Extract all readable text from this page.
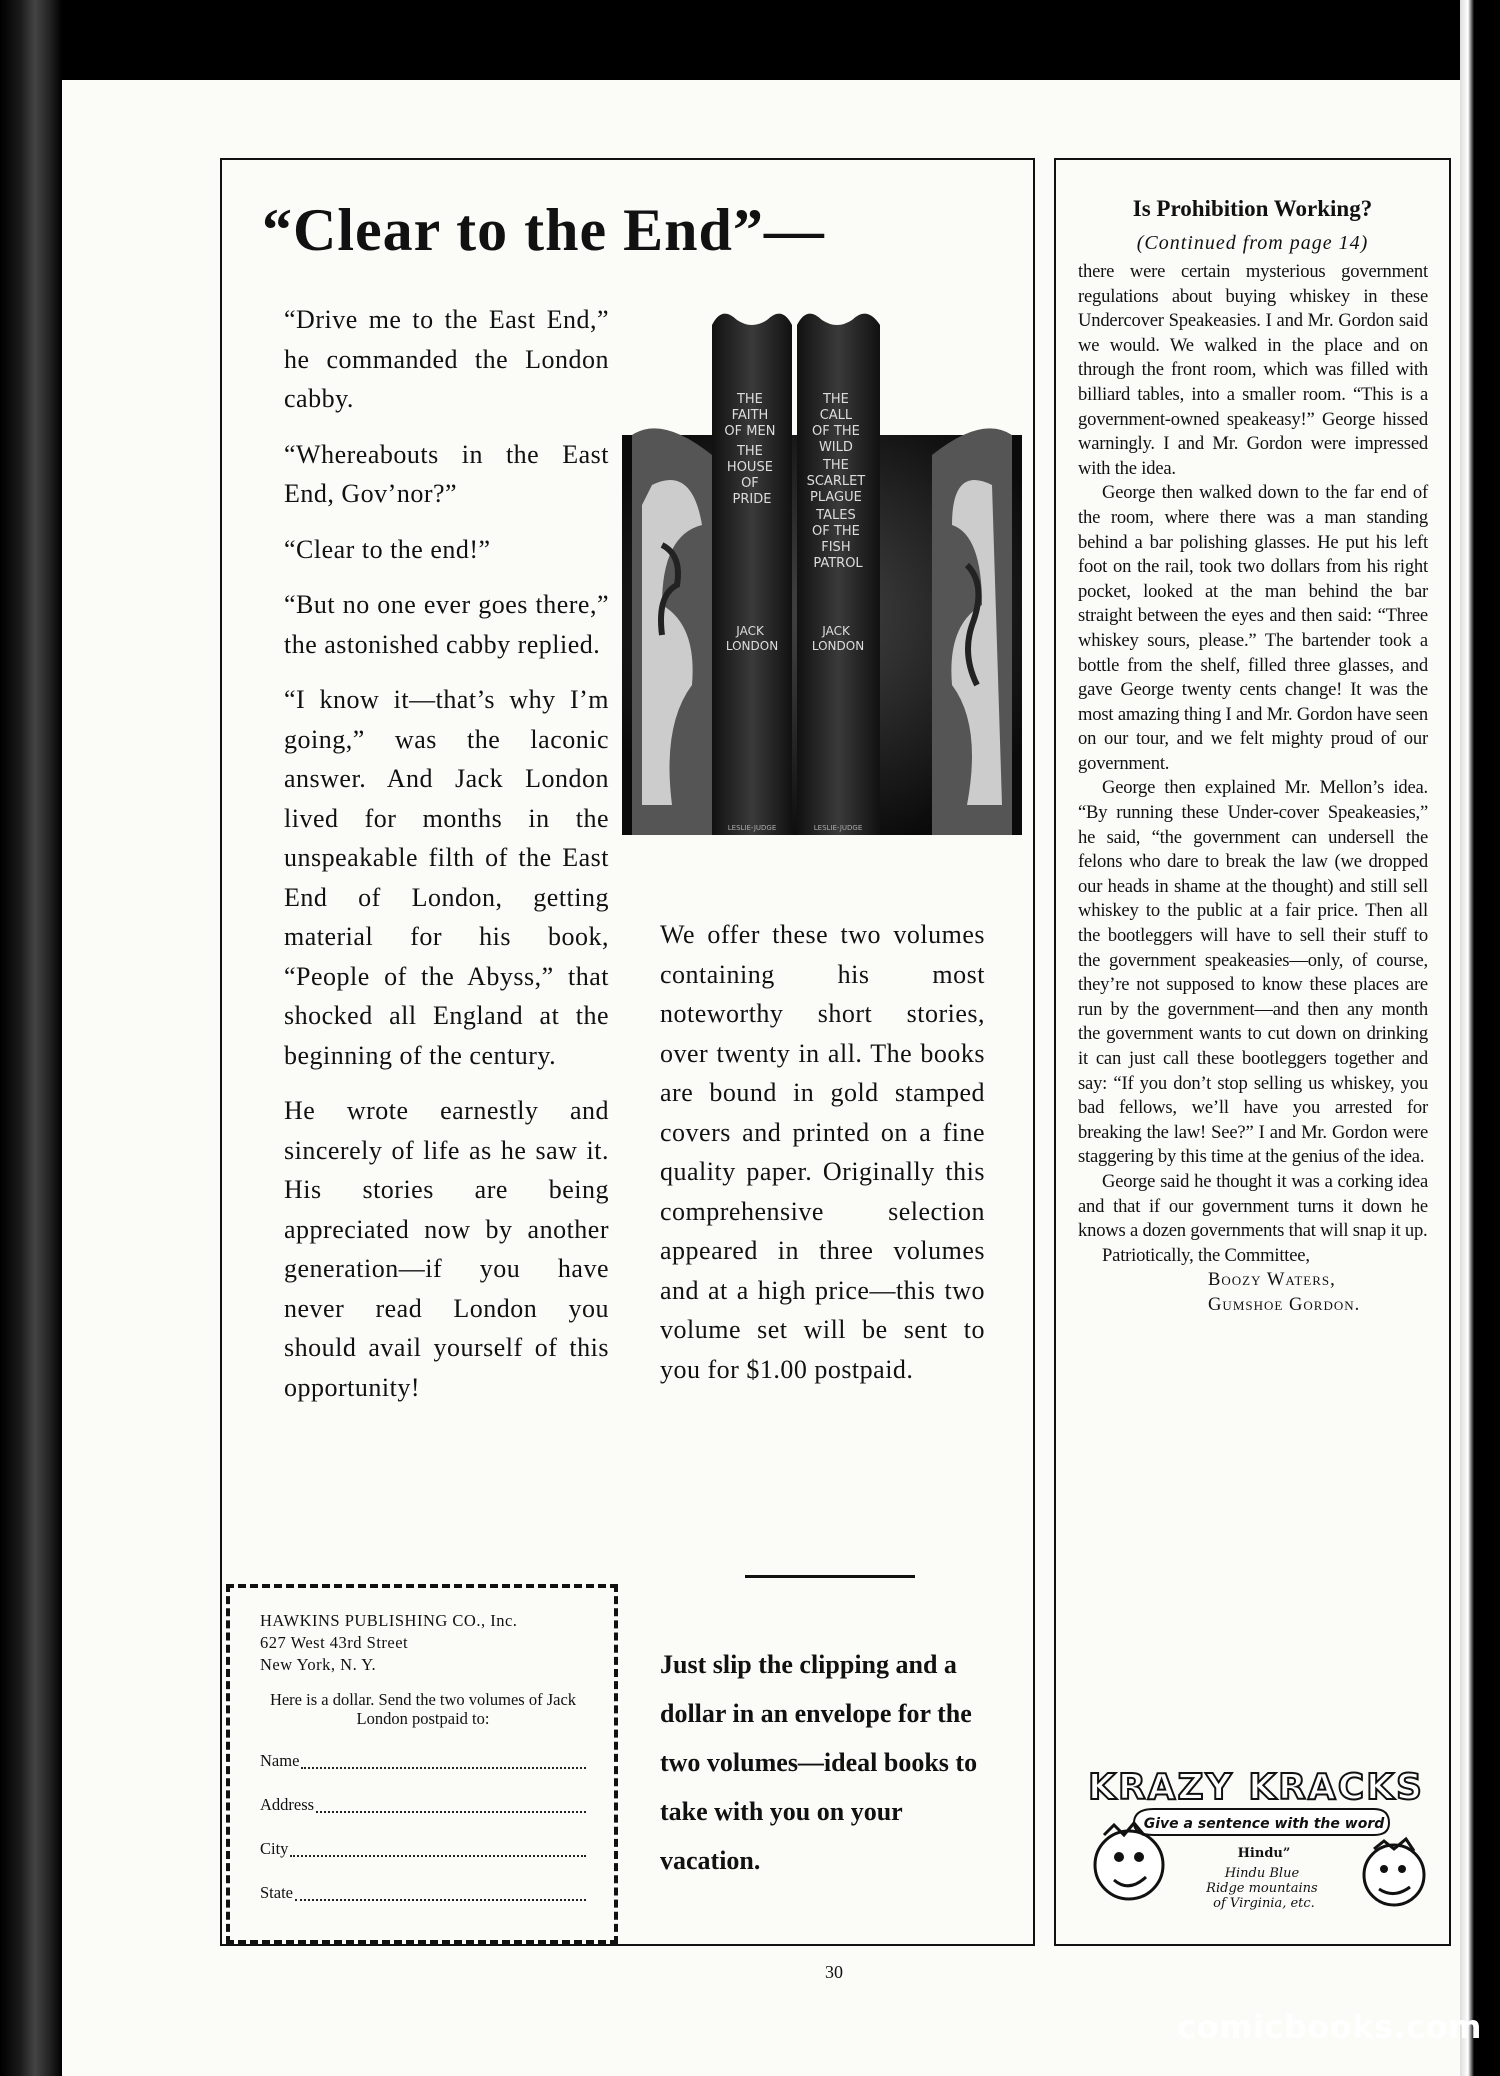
“Clear to the End”—

“Drive me to the East End,” he commanded the London cabby.

“Whereabouts in the East End, Gov’nor?”

“Clear to the end!”

“But no one ever goes there,” the astonished cabby replied.

“I know it—that’s why I’m going,” was the laconic answer. And Jack London lived for months in the unspeakable filth of the East End of London, getting material for his book, “People of the Abyss,” that shocked all England at the beginning of the century.

He wrote earnestly and sincerely of life as he saw it. His stories are being appreciated now by another generation—if you have never read London you should avail yourself of this opportunity!

THE FAITH OF MEN THE HOUSE OF PRIDE
JACK LONDON
LESLIE-JUDGE
THE CALL OF THE WILD THE SCARLET PLAGUE TALES OF THE FISH PATROL
JACK LONDON
LESLIE-JUDGE
We offer these two volumes containing his most noteworthy short stories, over twenty in all. The books are bound in gold stamped covers and printed on a fine quality paper. Originally this comprehensive selection appeared in three volumes and at a high price—this two volume set will be sent to you for $1.00 postpaid.
Just slip the clipping and a dollar in an envelope for the two volumes—ideal books to take with you on your vacation.
HAWKINS PUBLISHING CO., Inc.
627 West 43rd Street
New York, N. Y.
Here is a dollar. Send the two volumes of Jack London postpaid to:
Name
Address
City
State
Is Prohibition Working?
(Continued from page 14)

there were certain mysterious government regulations about buying whiskey in these Undercover Speakeasies. I and Mr. Gordon said we would. We walked in the place and on through the front room, which was filled with billiard tables, into a smaller room. “This is a government-owned speakeasy!” George hissed warningly. I and Mr. Gordon were impressed with the idea.

George then walked down to the far end of the room, where there was a man standing behind a bar polishing glasses. He put his left foot on the rail, took two dollars from his right pocket, looked at the man behind the bar straight between the eyes and then said: “Three whiskey sours, please.” The bartender took a bottle from the shelf, filled three glasses, and gave George twenty cents change! It was the most amazing thing I and Mr. Gordon have seen on our tour, and we felt mighty proud of our government.

George then explained Mr. Mellon’s idea. “By running these Under-cover Speakeasies,” he said, “the government can undersell the felons who dare to break the law (we dropped our heads in shame at the thought) and still sell whiskey to the public at a fair price. Then all the bootleggers will have to sell their stuff to the government speakeasies—only, of course, they’re not supposed to know these places are run by the government—and then any month the government wants to cut down on drinking it can just call these bootleggers together and say: “If you don’t stop selling us whiskey, you bad fellows, we’ll have you arrested for breaking the law! See?” I and Mr. Gordon were staggering by this time at the genius of the idea.

George said he thought it was a corking idea and that if our government turns it down he knows a dozen governments that will snap it up.

Patriotically, the Committee,
Boozy Waters,
Gumshoe Gordon.
KRAZY KRACKS
Give a sentence with the word
Hindu”
Hindu Blue Ridge mountains of Virginia, etc.
30
comicbooks.com
